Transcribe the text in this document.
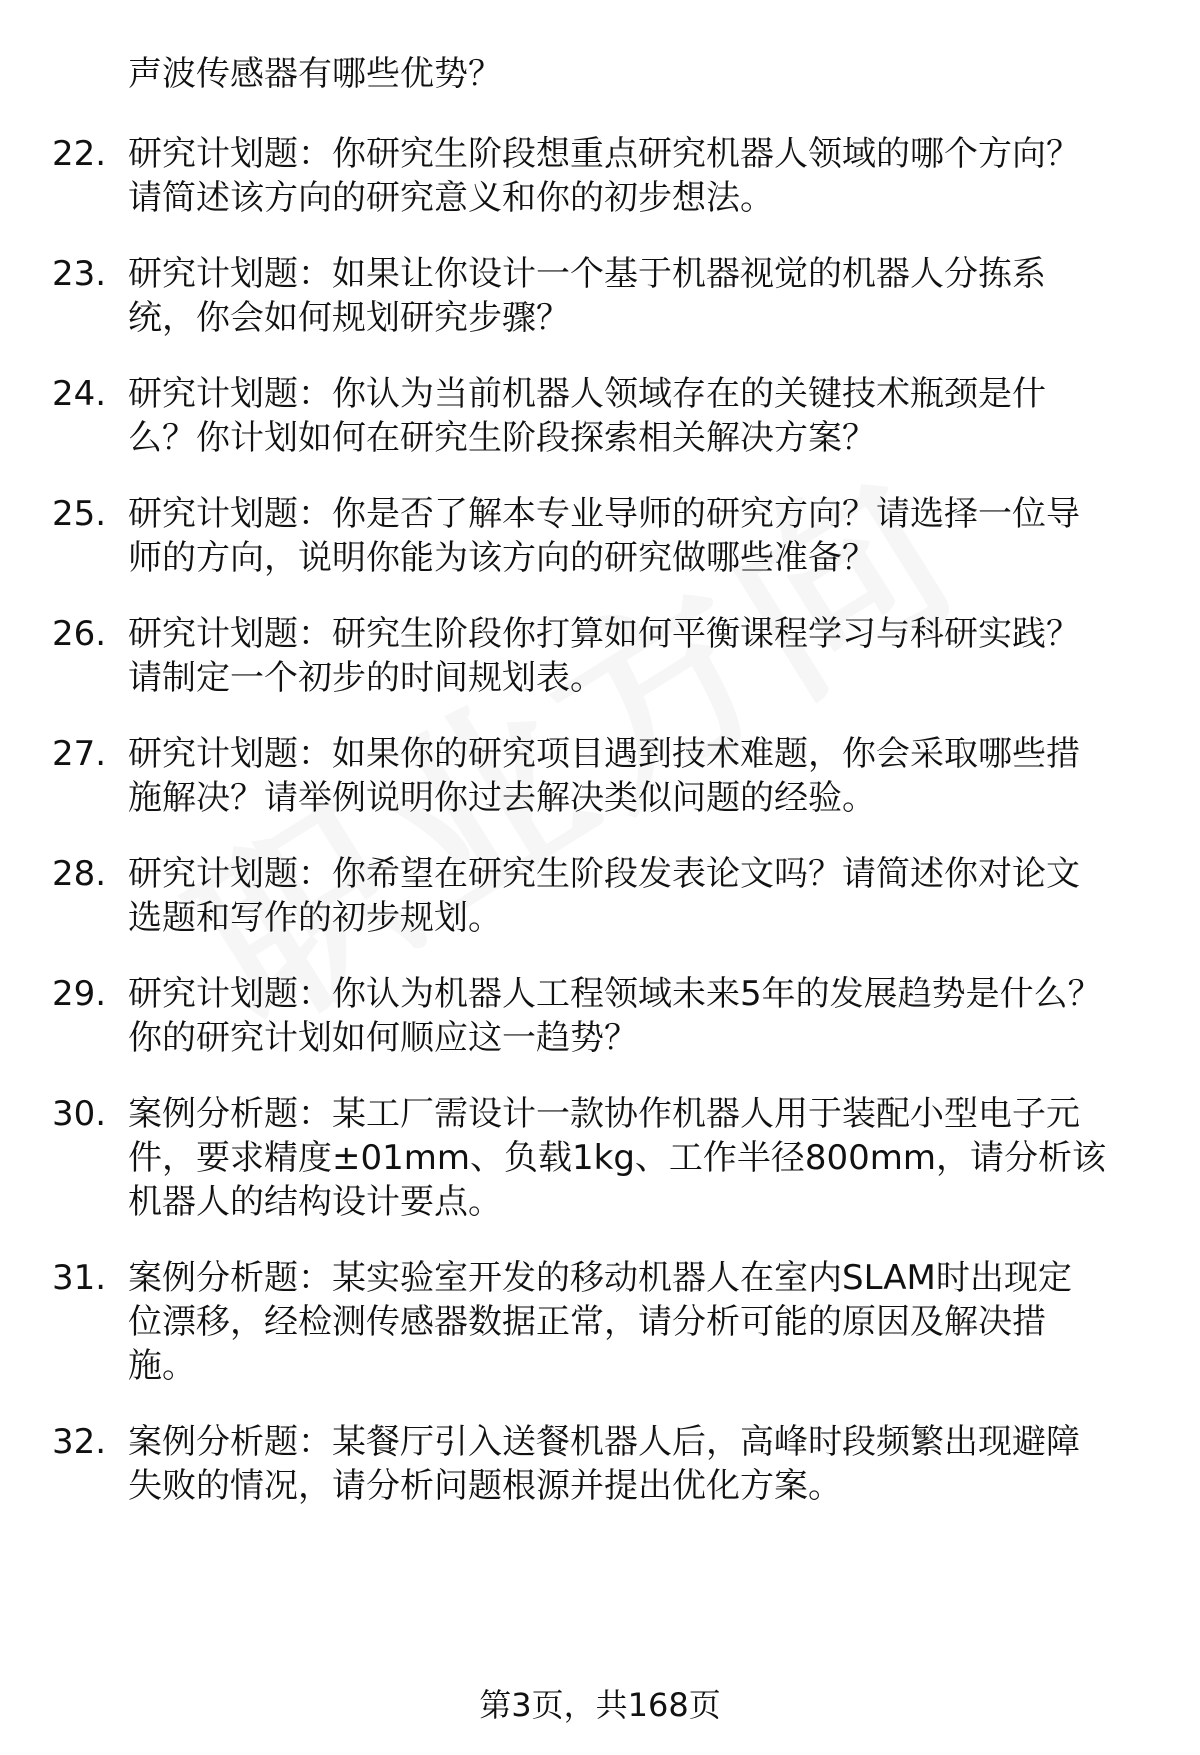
声波传感器有哪些优势？
22. 研究计划题：你研究生阶段想重点研究机器人领域的哪个方向？
请简述该方向的研究意义和你的初步想法。
23. 研究计划题：如果让你设计一个基于机器视觉的机器人分拣系
统，你会如何规划研究步骤？
24. 研究计划题：你认为当前机器人领域存在的关键技术瓶颈是什
么？你计划如何在研究生阶段探索相关解决方案？
25. 研究计划题：你是否了解本专业导师的研究方向？请选择一位导
师的方向，说明你能为该方向的研究做哪些准备？
26. 研究计划题：研究生阶段你打算如何平衡课程学习与科研实践？
请制定一个初步的时间规划表。
27. 研究计划题：如果你的研究项目遇到技术难题，你会采取哪些措
施解决？请举例说明你过去解决类似问题的经验。
28. 研究计划题：你希望在研究生阶段发表论文吗？请简述你对论文
选题和写作的初步规划。
29. 研究计划题：你认为机器人工程领域未来5年的发展趋势是什么？
你的研究计划如何顺应这一趋势？
30. 案例分析题：某工厂需设计一款协作机器人用于装配小型电子元
件，要求精度±01mm、负载1kg、工作半径800mm，请分析该
机器人的结构设计要点。
31. 案例分析题：某实验室开发的移动机器人在室内SLAM时出现定
位漂移，经检测传感器数据正常，请分析可能的原因及解决措
施。
32. 案例分析题：某餐厅引入送餐机器人后，高峰时段频繁出现避障
失败的情况，请分析问题根源并提出优化方案。
第3页，共168页
